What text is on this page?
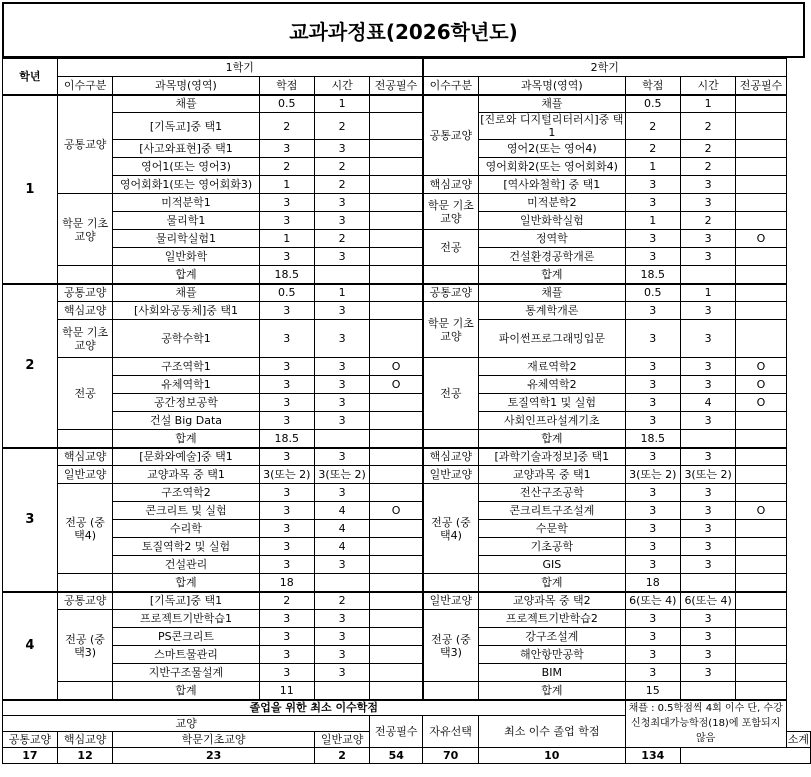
교과과정표(2026학년도)
학년	1학기					2학기					
	이수구분	과목명(영역)	학점	시간	전공필수	이수구분	과목명(영역)	학점	시간	전공필수	
1	공통교양	채플	0.5	1		공통교양	채플	0.5	1		
		[기독교]중 택1	2	2			[진로와 디지털리터러시]중 택1	2	2		
		[사고와표현]중 택1	3	3			영어2(또는 영어4)	2	2		
		영어1(또는 영어3)	2	2			영어회화2(또는 영어회화4)	1	2		
		영어회화1(또는 영어회화3)	1	2		핵심교양	[역사와철학] 중 택1	3	3		
	학문 기초교양	미적분학1	3	3		학문 기초교양	미적분학2	3	3		
		물리학1	3	3			일반화학실험	1	2		
		물리학실험1	1	2		전공	정역학	3	3	O	
		일반화학	3	3			건설환경공학개론	3	3		
		합계	18.5				합계	18.5			
2	공통교양	채플	0.5	1		공통교양	채플	0.5	1		
	핵심교양	[사회와공동체]중 택1	3	3		학문 기초교양	통계학개론	3	3		
	학문 기초교양	공학수학1	3	3			파이썬프로그래밍입문	3	3		
	전공	구조역학1	3	3	O	전공	재료역학2	3	3	O	
		유체역학1	3	3	O		유체역학2	3	3	O	
		공간정보공학	3	3			토질역학1 및 실험	3	4	O	
		건설 Big Data	3	3			사회인프라설계기초	3	3		
		합계	18.5				합계	18.5			
3	핵심교양	[문화와예술]중 택1	3	3		핵심교양	[과학기술과정보]중 택1	3	3		
	일반교양	교양과목 중 택1	3(또는 2)	3(또는 2)		일반교양	교양과목 중 택1	3(또는 2)	3(또는 2)		
	전공 (중 택4)	구조역학2	3	3		전공 (중 택4)	전산구조공학	3	3		
		콘크리트 및 실험	3	4	O		콘크리트구조설계	3	3	O	
		수리학	3	4			수문학	3	3		
		토질역학2 및 실험	3	4			기초공학	3	3		
		건설관리	3	3			GIS	3	3		
		합계	18				합계	18			
4	공통교양	[기독교]중 택1	2	2		일반교양	교양과목 중 택2	6(또는 4)	6(또는 4)		
	전공 (중 택3)	프로젝트기반학습1	3	3		전공 (중 택3)	프로젝트기반학습2	3	3		
		PS콘크리트	3	3			강구조설계	3	3		
		스마트물관리	3	3			해안항만공학	3	3		
		지반구조물설계	3	3			BIM	3	3		
		합계	11				합계	15			
졸업을 위한 최소 이수학점								채플 : 0.5학점씩 4회 이수 단, 수강신청최대가능학점(18)에 포함되지 않음			
교양					전공필수	자유선택	최소 이수 졸업 학점				
공통교양	핵심교양	학문기초교양		일반교양							소계
17	12	23		2	54	70	10	134			
